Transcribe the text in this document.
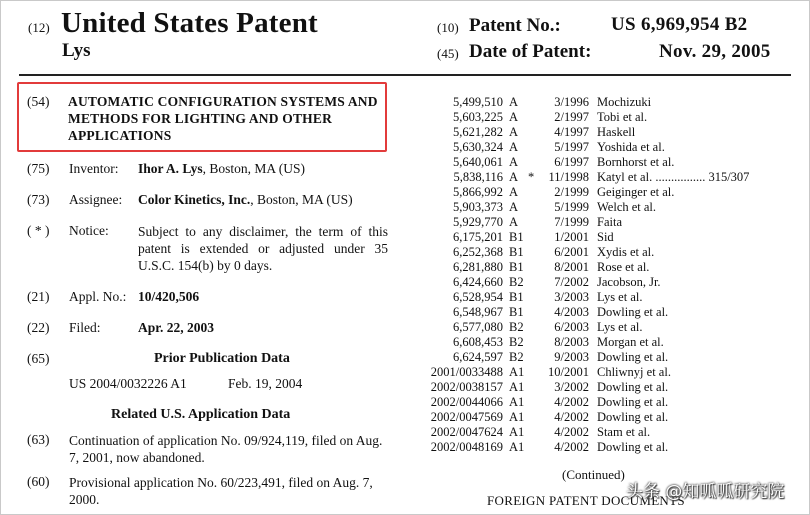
(12) United States Patent
Lys
(10) Patent No.:	US 6,969,954 B2
(45) Date of Patent:	Nov. 29, 2005
(54) AUTOMATIC CONFIGURATION SYSTEMS AND METHODS FOR LIGHTING AND OTHER APPLICATIONS
(75) Inventor: Ihor A. Lys, Boston, MA (US)
(73) Assignee: Color Kinetics, Inc., Boston, MA (US)
( * ) Notice: Subject to any disclaimer, the term of this patent is extended or adjusted under 35 U.S.C. 154(b) by 0 days.
(21) Appl. No.: 10/420,506
(22) Filed:	Apr. 22, 2003
(65)	Prior Publication Data
US 2004/0032226 A1	Feb. 19, 2004
Related U.S. Application Data
(63) Continuation of application No. 09/924,119, filed on Aug. 7, 2001, now abandoned.
(60) Provisional application No. 60/223,491, filed on Aug. 7, 2000.
5,499,510 A	3/1996 Mochizuki
5,603,225 A	2/1997 Tobi et al.
5,621,282 A	4/1997 Haskell
5,630,324 A	5/1997 Yoshida et al.
5,640,061 A	6/1997 Bornhorst et al.
5,838,116 A *	11/1998 Katyl et al. ................ 315/307
5,866,992 A	2/1999 Geiginger et al.
5,903,373 A	5/1999 Welch et al.
5,929,770 A	7/1999 Faita
6,175,201 B1	1/2001 Sid
6,252,368 B1	6/2001 Xydis et al.
6,281,880 B1	8/2001 Rose et al.
6,424,660 B2	7/2002 Jacobson, Jr.
6,528,954 B1	3/2003 Lys et al.
6,548,967 B1	4/2003 Dowling et al.
6,577,080 B2	6/2003 Lys et al.
6,608,453 B2	8/2003 Morgan et al.
6,624,597 B2	9/2003 Dowling et al.
2001/0033488 A1	10/2001 Chliwnyj et al.
2002/0038157 A1	3/2002 Dowling et al.
2002/0044066 A1	4/2002 Dowling et al.
2002/0047569 A1	4/2002 Dowling et al.
2002/0047624 A1	4/2002 Stam et al.
2002/0048169 A1	4/2002 Dowling et al.
(Continued)
FOREIGN PATENT DOCUMENTS
头条 @知呱呱研究院
